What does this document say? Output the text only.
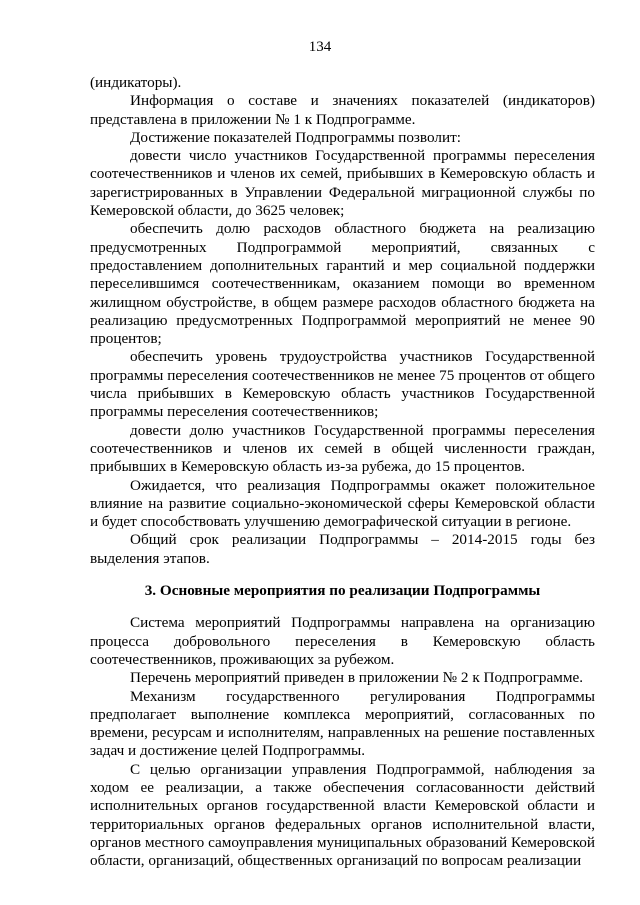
134

(индикаторы).

Информация о составе и значениях показателей (индикаторов) представлена в приложении № 1 к Подпрограмме.

Достижение показателей Подпрограммы позволит:

довести число участников Государственной программы переселения соотечественников и членов их семей, прибывших в Кемеровскую область и зарегистрированных в Управлении Федеральной миграционной службы по Кемеровской области, до 3625 человек;

обеспечить долю расходов областного бюджета на реализацию предусмотренных Подпрограммой мероприятий, связанных с предоставлением дополнительных гарантий и мер социальной поддержки переселившимся соотечественникам, оказанием помощи во временном жилищном обустройстве, в общем размере расходов областного бюджета на реализацию предусмотренных Подпрограммой мероприятий не менее 90 процентов;

обеспечить уровень трудоустройства участников Государственной программы переселения соотечественников не менее 75 процентов от общего числа прибывших в Кемеровскую область участников Государственной программы переселения соотечественников;

довести долю участников Государственной программы переселения соотечественников и членов их семей в общей численности граждан, прибывших в Кемеровскую область из-за рубежа, до 15 процентов.

Ожидается, что реализация Подпрограммы окажет положительное влияние на развитие социально-экономической сферы Кемеровской области и будет способствовать улучшению демографической ситуации в регионе.

Общий срок реализации Подпрограммы – 2014-2015 годы без выделения этапов.

3. Основные мероприятия по реализации Подпрограммы

Система мероприятий Подпрограммы направлена на организацию процесса добровольного переселения в Кемеровскую область соотечественников, проживающих за рубежом.

Перечень мероприятий приведен в приложении № 2 к Подпрограмме.

Механизм государственного регулирования Подпрограммы предполагает выполнение комплекса мероприятий, согласованных по времени, ресурсам и исполнителям, направленных на решение поставленных задач и достижение целей Подпрограммы.

С целью организации управления Подпрограммой, наблюдения за ходом ее реализации, а также обеспечения согласованности действий исполнительных органов государственной власти Кемеровской области и территориальных органов федеральных органов исполнительной власти, органов местного самоуправления муниципальных образований Кемеровской области, организаций, общественных организаций по вопросам реализации
